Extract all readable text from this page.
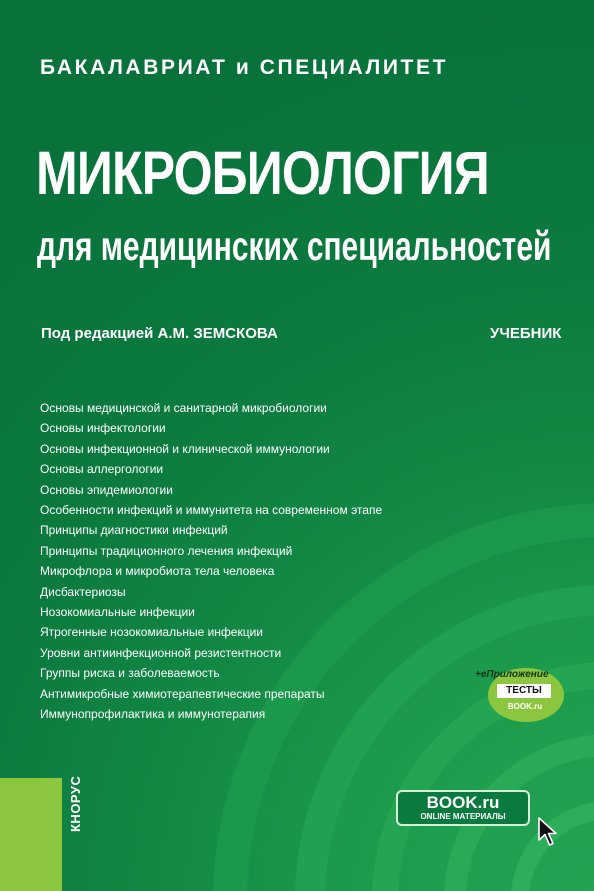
БАКАЛАВРИАТ и СПЕЦИАЛИТЕТ
МИКРОБИОЛОГИЯ
для медицинских специальностей
Под редакцией А.М. ЗЕМСКОВА	УЧЕБНИК
Основы медицинской и санитарной микробиологии
Основы инфектологии
Основы инфекционной и клинической иммунологии
Основы аллергологии
Основы эпидемиологии
Особенности инфекций и иммунитета на современном этапе
Принципы диагностики инфекций
Принципы традиционного лечения инфекций
Микрофлора и микробиота тела человека
Дисбактериозы
Нозокомиальные инфекции
Ятрогенные нозокомиальные инфекции
Уровни антиинфекционной резистентности
Группы риска и заболеваемость
Антимикробные химиотерапевтические препараты
Иммунопрофилактика и иммунотерапия
+еПриложение
ТЕСТЫ
BOOK.ru
КНОРУС	BOOK.ru
ONLINE МАТЕРИАЛЫ
